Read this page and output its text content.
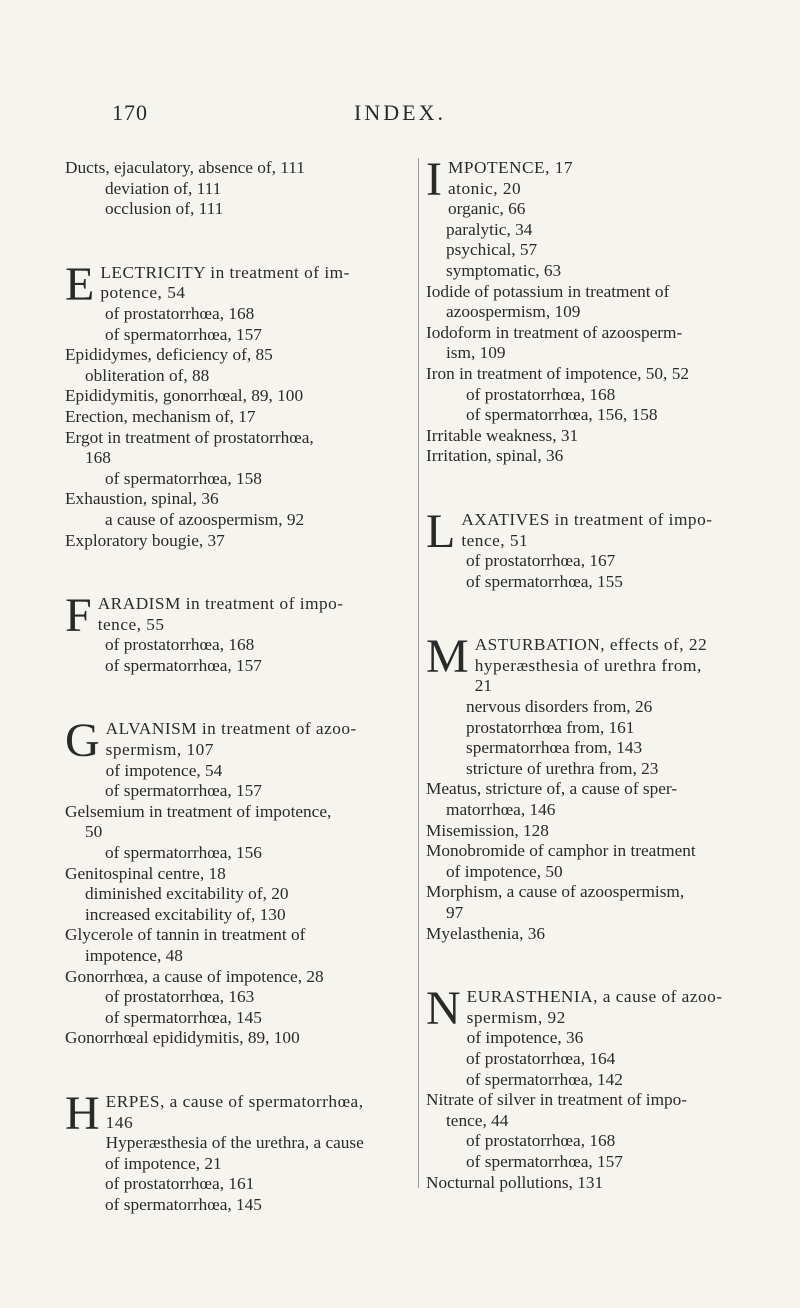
170	INDEX.
Ducts, ejaculatory, absence of, 111
deviation of, 111
occlusion of, 111
E LECTRICITY in treatment of im-
potence, 54
of prostatorrhœa, 168
of spermatorrhœa, 157
Epididymes, deficiency of, 85
obliteration of, 88
Epididymitis, gonorrhœal, 89, 100
Erection, mechanism of, 17
Ergot in treatment of prostatorrhœa,
168
of spermatorrhœa, 158
Exhaustion, spinal, 36
a cause of azoospermism, 92
Exploratory bougie, 37
F ARADISM in treatment of impo-
tence, 55
of prostatorrhœa, 168
of spermatorrhœa, 157
G ALVANISM in treatment of azoo-
spermism, 107
of impotence, 54
of spermatorrhœa, 157
Gelsemium in treatment of impotence,
50
of spermatorrhœa, 156
Genitospinal centre, 18
diminished excitability of, 20
increased excitability of, 130
Glycerole of tannin in treatment of
impotence, 48
Gonorrhœa, a cause of impotence, 28
of prostatorrhœa, 163
of spermatorrhœa, 145
Gonorrhœal epididymitis, 89, 100
H ERPES, a cause of spermatorrhœa,
146
Hyperæsthesia of the urethra, a cause
of impotence, 21
of prostatorrhœa, 161
of spermatorrhœa, 145
I MPOTENCE, 17
atonic, 20
organic, 66
paralytic, 34
psychical, 57
symptomatic, 63
Iodide of potassium in treatment of
azoospermism, 109
Iodoform in treatment of azoosperm-
ism, 109
Iron in treatment of impotence, 50, 52
of prostatorrhœa, 168
of spermatorrhœa, 156, 158
Irritable weakness, 31
Irritation, spinal, 36
L AXATIVES in treatment of impo-
tence, 51
of prostatorrhœa, 167
of spermatorrhœa, 155
M ASTURBATION, effects of, 22
hyperæsthesia of urethra from,
21
nervous disorders from, 26
prostatorrhœa from, 161
spermatorrhœa from, 143
stricture of urethra from, 23
Meatus, stricture of, a cause of sper-
matorrhœa, 146
Misemission, 128
Monobromide of camphor in treatment
of impotence, 50
Morphism, a cause of azoospermism,
97
Myelasthenia, 36
N EURASTHENIA, a cause of azoo-
spermism, 92
of impotence, 36
of prostatorrhœa, 164
of spermatorrhœa, 142
Nitrate of silver in treatment of impo-
tence, 44
of prostatorrhœa, 168
of spermatorrhœa, 157
Nocturnal pollutions, 131
